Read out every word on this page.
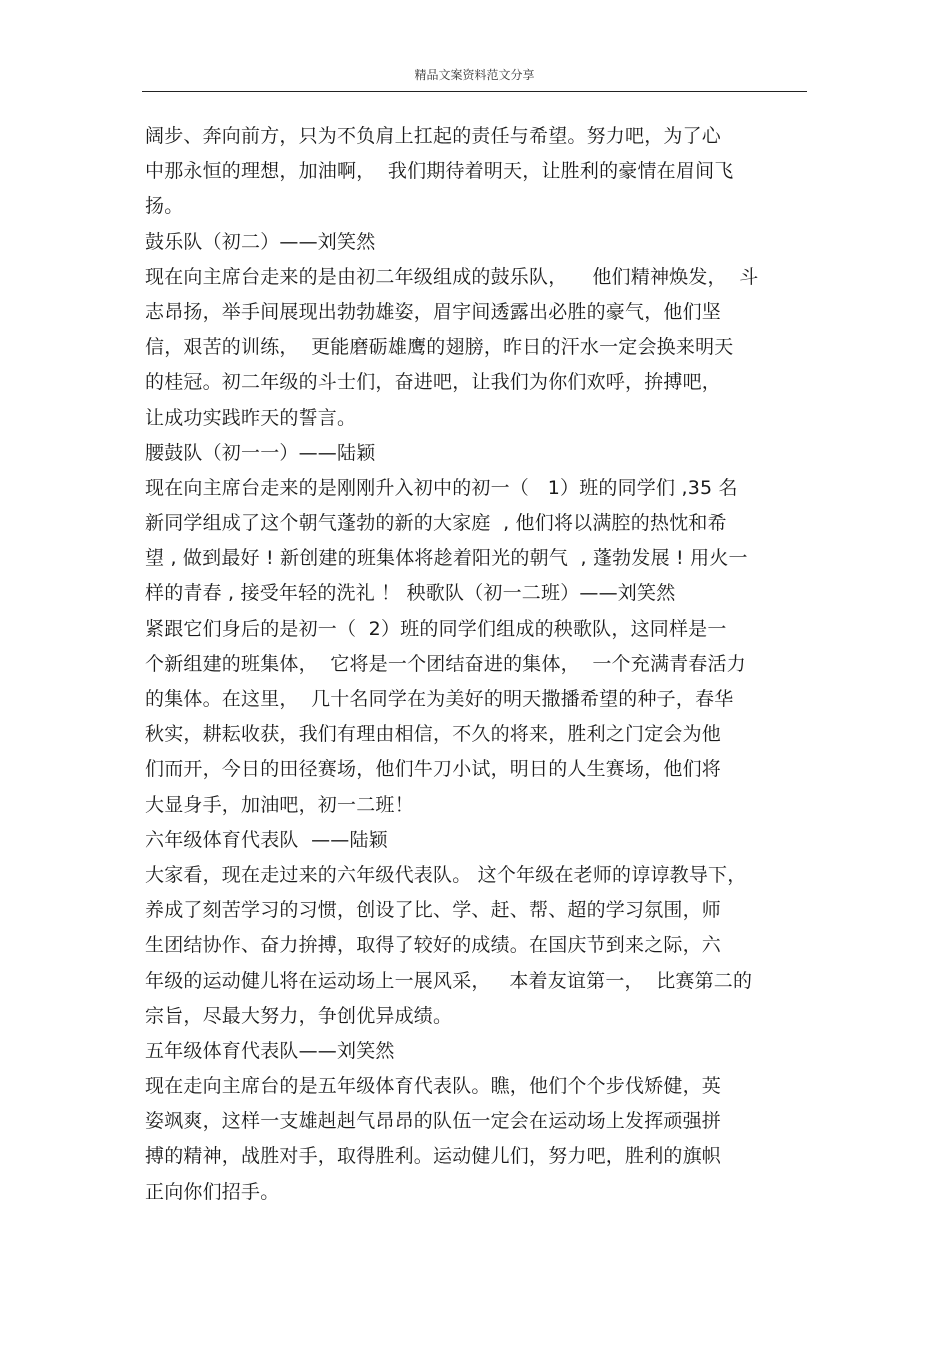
精品文案资料范文分享
阔步、奔向前方，只为不负肩上扛起的责任与希望。努力吧，为了心
中那永恒的理想，加油啊，  我们期待着明天，让胜利的豪情在眉间飞
扬。
鼓乐队（初二）——刘笑然
现在向主席台走来的是由初二年级组成的鼓乐队，    他们精神焕发，  斗
志昂扬，举手间展现出勃勃雄姿，眉宇间透露出必胜的豪气，他们坚
信，艰苦的训练，  更能磨砺雄鹰的翅膀，昨日的汗水一定会换来明天
的桂冠。初二年级的斗士们，奋进吧，让我们为你们欢呼，拚搏吧，
让成功实践昨天的誓言。
腰鼓队（初一一）——陆颖
现在向主席台走来的是刚刚升入初中的初一（   1）班的同学们 ,35 名
新同学组成了这个朝气蓬勃的新的大家庭  , 他们将以满腔的热忱和希
望 , 做到最好 ! 新创建的班集体将趁着阳光的朝气  , 蓬勃发展 ! 用火一
样的青春 , 接受年轻的洗礼 ！ 秧歌队（初一二班）——刘笑然
紧跟它们身后的是初一（  2）班的同学们组成的秧歌队，这同样是一
个新组建的班集体，  它将是一个团结奋进的集体，  一个充满青春活力
的集体。在这里，  几十名同学在为美好的明天撒播希望的种子，春华
秋实，耕耘收获，我们有理由相信，不久的将来，胜利之门定会为他
们而开，今日的田径赛场，他们牛刀小试，明日的人生赛场，他们将
大显身手，加油吧，初一二班！
六年级体育代表队  ——陆颖
大家看，现在走过来的六年级代表队。 这个年级在老师的谆谆教导下，
养成了刻苦学习的习惯，创设了比、学、赶、帮、超的学习氛围，师
生团结协作、奋力拚搏，取得了较好的成绩。在国庆节到来之际，六
年级的运动健儿将在运动场上一展风采，   本着友谊第一，  比赛第二的
宗旨，尽最大努力，争创优异成绩。
五年级体育代表队——刘笑然
现在走向主席台的是五年级体育代表队。瞧，他们个个步伐矫健，英
姿飒爽，这样一支雄赳赳气昂昂的队伍一定会在运动场上发挥顽强拼
搏的精神，战胜对手，取得胜利。运动健儿们，努力吧，胜利的旗帜
正向你们招手。
